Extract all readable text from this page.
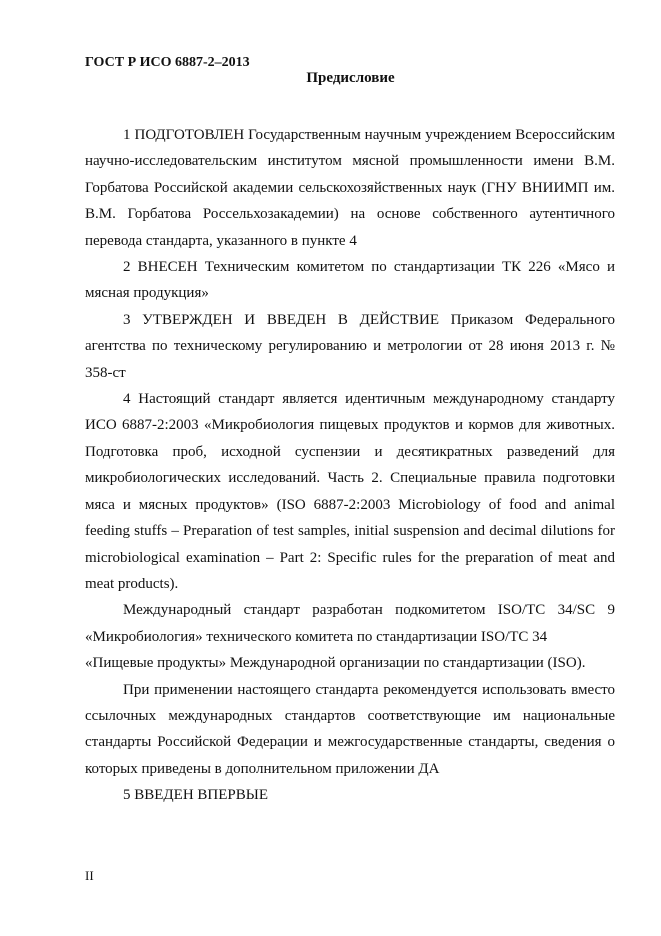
ГОСТ Р ИСО 6887-2–2013
Предисловие

1 ПОДГОТОВЛЕН Государственным научным учреждением Всероссийским научно-исследовательским институтом мясной промышленности имени В.М. Горбатова Российской академии сельскохозяйственных наук (ГНУ ВНИИМП им. В.М. Горбатова Россельхозакадемии) на основе собственного аутентичного перевода стандарта, указанного в пункте 4

2 ВНЕСЕН Техническим комитетом по стандартизации ТК 226 «Мясо и мясная продукция»

3 УТВЕРЖДЕН И ВВЕДЕН В ДЕЙСТВИЕ Приказом Федерального агентства по техническому регулированию и метрологии от 28 июня 2013 г. № 358-ст

4 Настоящий стандарт является идентичным международному стандарту ИСО 6887-2:2003 «Микробиология пищевых продуктов и кормов для животных. Подготовка проб, исходной суспензии и десятикратных разведений для микробиологических исследований. Часть 2. Специальные правила подготовки мяса и мясных продуктов» (ISO 6887-2:2003 Microbiology of food and animal feeding stuffs – Preparation of test samples, initial suspension and decimal dilutions for microbiological examination – Part 2: Specific rules for the preparation of meat and meat products).

Международный стандарт разработан подкомитетом ISO/TC 34/SC 9 «Микробиология» технического комитета по стандартизации ISO/TC 34

«Пищевые продукты» Международной организации по стандартизации (ISO).

При применении настоящего стандарта рекомендуется использовать вместо ссылочных международных стандартов соответствующие им национальные стандарты Российской Федерации и межгосударственные стандарты, сведения о которых приведены в дополнительном приложении ДА

5 ВВЕДЕН ВПЕРВЫЕ

II
